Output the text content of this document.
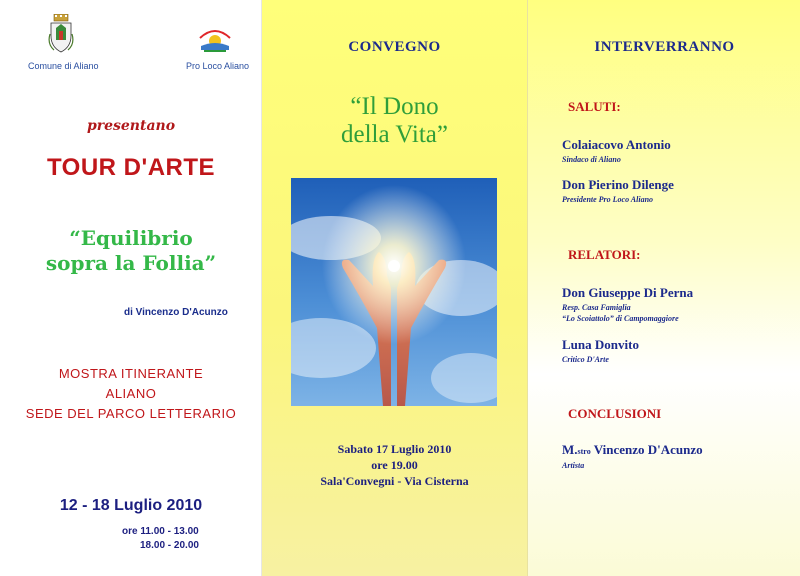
Comune di Aliano	Pro Loco Aliano
presentano
TOUR D'ARTE
“Equilibrio
sopra la Follia”
di Vincenzo D'Acunzo
MOSTRA ITINERANTE
ALIANO
SEDE DEL PARCO LETTERARIO
12 - 18 Luglio 2010
ore 11.00 - 13.00
18.00 - 20.00
CONVEGNO
“Il Dono
della Vita”
Sabato 17 Luglio 2010
ore 19.00
Sala'Convegni - Via Cisterna
INTERVERRANNO
SALUTI:
Colaiacovo Antonio
Sindaco di Aliano
Don Pierino Dilenge
Presidente Pro Loco Aliano
RELATORI:
Don Giuseppe Di Perna
Resp. Casa Famiglia
“Lo Scoiattolo” di Campomaggiore
Luna Donvito
Critico D'Arte
CONCLUSIONI
M.stro Vincenzo D'Acunzo
Artista
